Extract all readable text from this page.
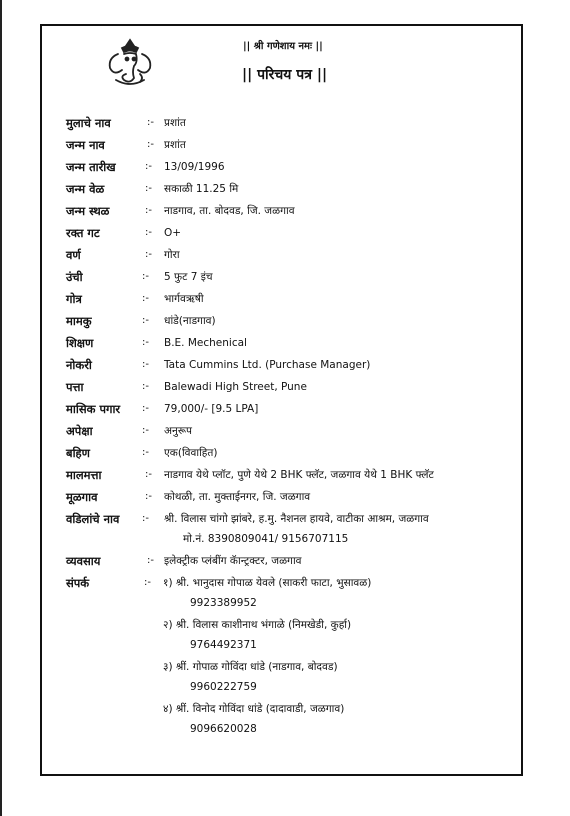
|| श्री गणेशाय नमः ||
|| परिचय पत्र ||
मुलाचे नाव	:- प्रशांत
जन्म नाव	:- प्रशांत
जन्म तारीख	:- 13/09/1996
जन्म वेळ	:- सकाळी 11.25 मि
जन्म स्थळ	:- नाडगाव, ता. बोदवड, जि. जळगाव
रक्त गट	:- O+
वर्ण	:- गोरा
उंची	:- 5 फुट 7 इंच
गोत्र	:- भार्गवऋषी
मामकु	:- धांडे(नाडगाव)
शिक्षण	:- B.E. Mechenical
नोकरी	:- Tata Cummins Ltd. (Purchase Manager)
पत्ता	:- Balewadi High Street, Pune
मासिक पगार :- 79,000/- [9.5 LPA]
अपेक्षा	:- अनुरूप
बहिण	:- एक(विवाहित)
मालमत्ता	:- नाडगाव येथे प्लॉट, पुणे येथे 2 BHK फ्लॅट, जळगाव येथे 1 BHK फ्लॅट
मूळगाव	:- कोथळी, ता. मुक्ताईनगर, जि. जळगाव
वडिलांचे नाव :- श्री. विलास चांगो झांबरे, ह.मु. नैशनल हायवे, वाटीका आश्रम, जळगाव
मो.नं. 8390809041/ 9156707115
व्यवसाय	:- इलेक्ट्रीक प्लंबींग कॅान्ट्रक्टर, जळगाव
संपर्क	:- १) श्री. भानुदास गोपाळ येवले (साकरी फाटा, भुसावळ)
9923389952
२) श्री. विलास काशीनाथ भंगाळे (निमखेडी, कुर्हा)
9764492371
३) श्रीं. गोपाळ गोविंदा धांडे (नाडगाव, बोदवड)
9960222759
४) श्रीं. विनोद गोविंदा धांडे (दादावाडी, जळगाव)
9096620028
